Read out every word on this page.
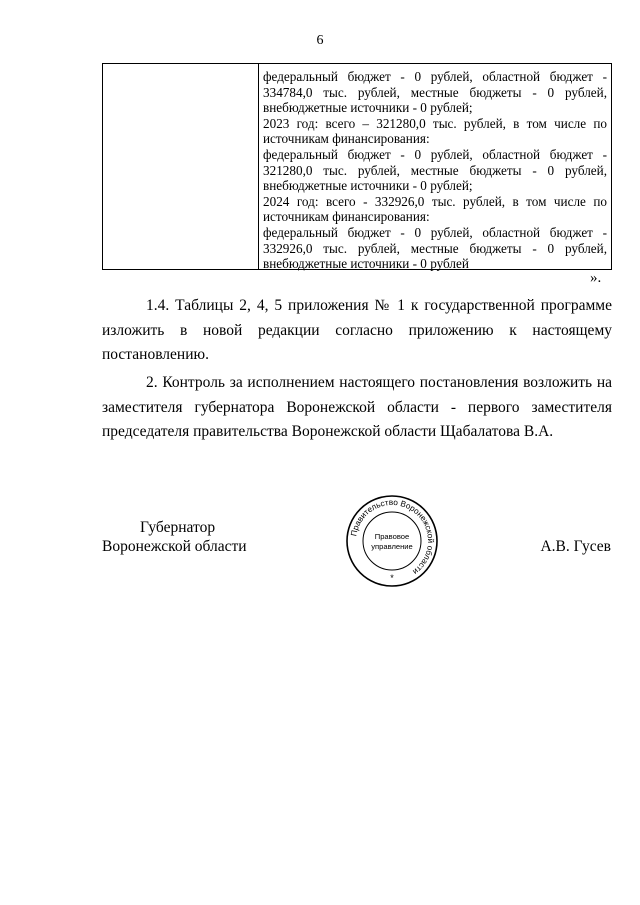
6

федеральный бюджет - 0 рублей, областной бюджет - 334784,0 тыс. рублей, местные бюджеты - 0 рублей, внебюджетные источники - 0 рублей;

2023 год: всего – 321280,0 тыс. рублей, в том числе по источникам финансирования:

федеральный бюджет - 0 рублей, областной бюджет - 321280,0 тыс. рублей, местные бюджеты - 0 рублей, внебюджетные источники - 0 рублей;

2024 год: всего - 332926,0 тыс. рублей, в том числе по источникам финансирования:

федеральный бюджет - 0 рублей, областной бюджет - 332926,0 тыс. рублей, местные бюджеты - 0 рублей, внебюджетные источники - 0 рублей

».

1.4. Таблицы 2, 4, 5 приложения № 1 к государственной программе изложить в новой редакции согласно приложению к настоящему постановлению.

2. Контроль за исполнением настоящего постановления возложить на заместителя губернатора Воронежской области - первого заместителя председателя правительства Воронежской области Щабалатова В.А.

Губернатор
Воронежской области
Правительство Воронежской области
Правовое
управление
*
А.В. Гусев
